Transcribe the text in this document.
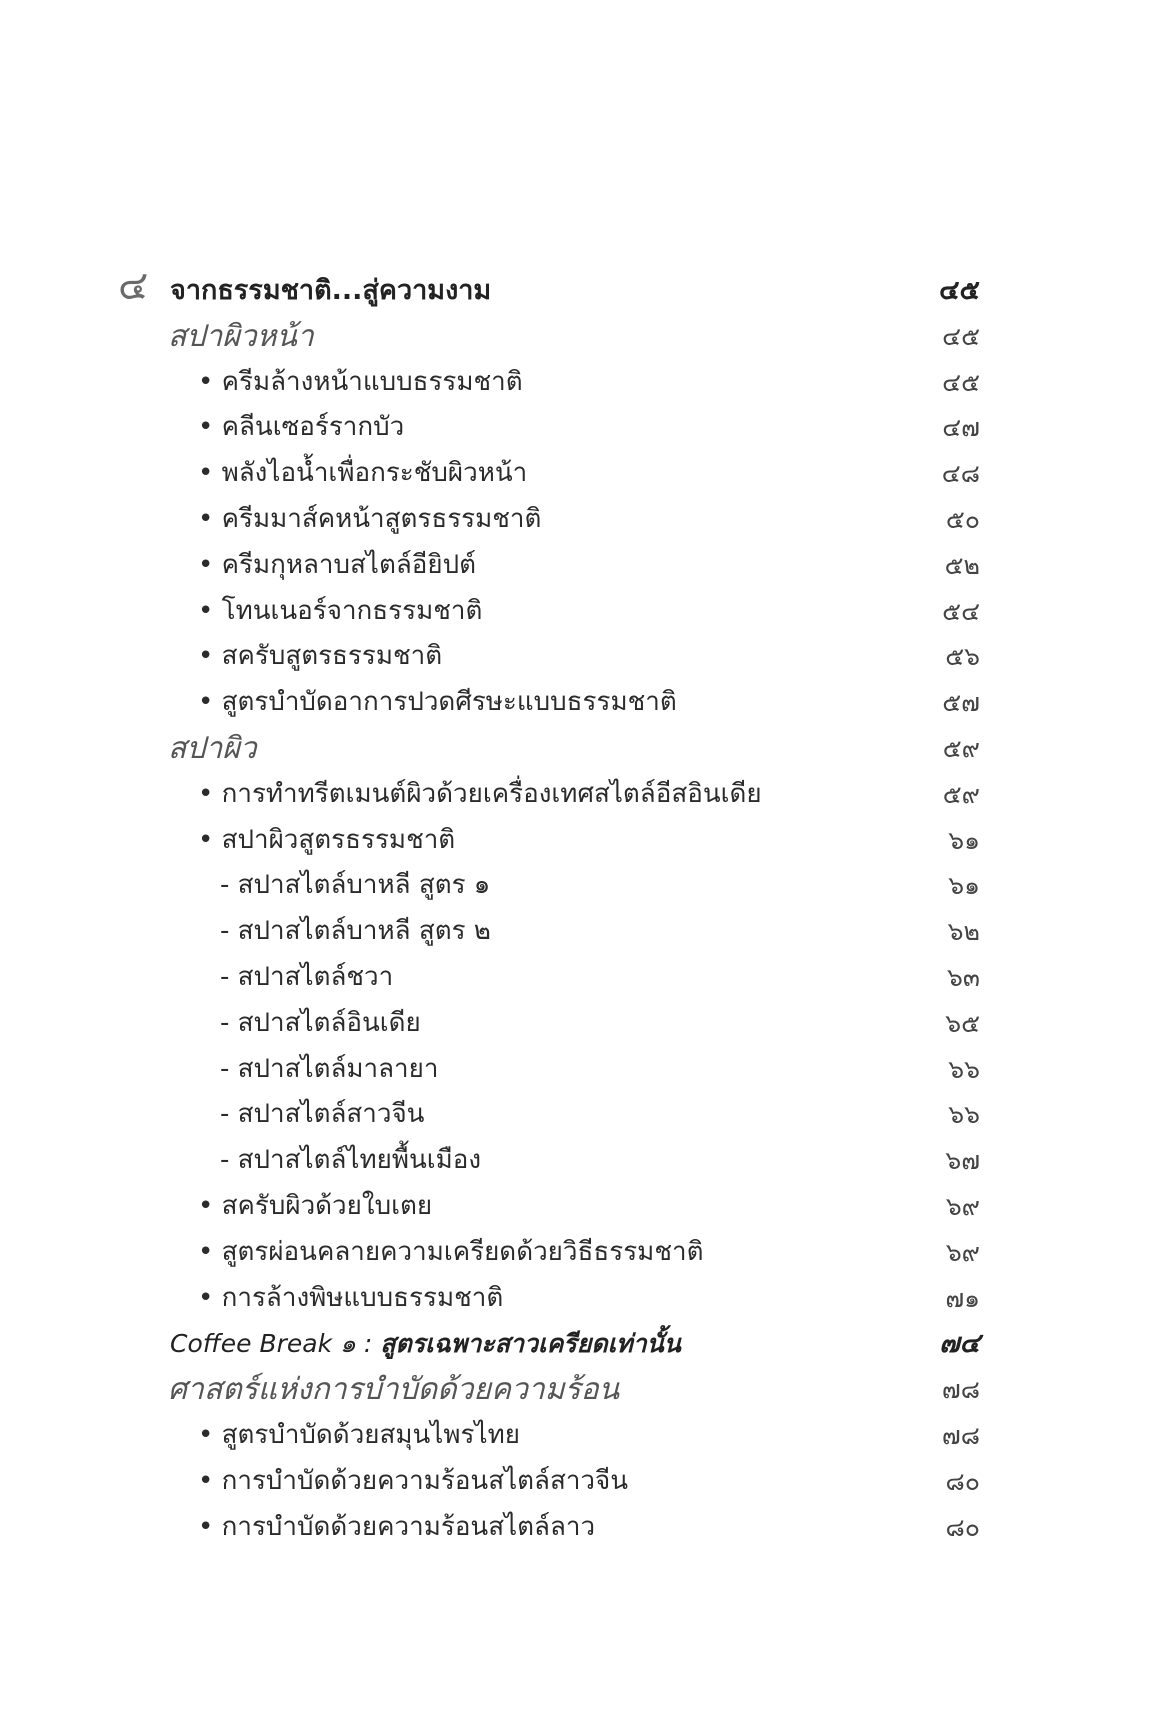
๔ จากธรรมชาติ...สู่ความงาม	๔๕
สปาผิวหน้า	๔๕
• ครีมล้างหน้าแบบธรรมชาติ	๔๕
• คลีนเซอร์รากบัว	๔๗
• พลังไอน้ำเพื่อกระชับผิวหน้า	๔๘
• ครีมมาส์คหน้าสูตรธรรมชาติ	๕๐
• ครีมกุหลาบสไตล์อียิปต์	๕๒
• โทนเนอร์จากธรรมชาติ	๕๔
• สครับสูตรธรรมชาติ	๕๖
• สูตรบำบัดอาการปวดศีรษะแบบธรรมชาติ	๕๗
สปาผิว	๕๙
• การทำทรีตเมนต์ผิวด้วยเครื่องเทศสไตล์อีสอินเดีย	๕๙
• สปาผิวสูตรธรรมชาติ	๖๑
- สปาสไตล์บาหลี สูตร ๑	๖๑
- สปาสไตล์บาหลี สูตร ๒	๖๒
- สปาสไตล์ชวา	๖๓
- สปาสไตล์อินเดีย	๖๕
- สปาสไตล์มาลายา	๖๖
- สปาสไตล์สาวจีน	๖๖
- สปาสไตล์ไทยพื้นเมือง	๖๗
• สครับผิวด้วยใบเตย	๖๙
• สูตรผ่อนคลายความเครียดด้วยวิธีธรรมชาติ	๖๙
• การล้างพิษแบบธรรมชาติ	๗๑
Coffee Break ๑ : สูตรเฉพาะสาวเครียดเท่านั้น	๗๔
ศาสตร์แห่งการบำบัดด้วยความร้อน	๗๘
• สูตรบำบัดด้วยสมุนไพรไทย	๗๘
• การบำบัดด้วยความร้อนสไตล์สาวจีน	๘๐
• การบำบัดด้วยความร้อนสไตล์ลาว	๘๐
